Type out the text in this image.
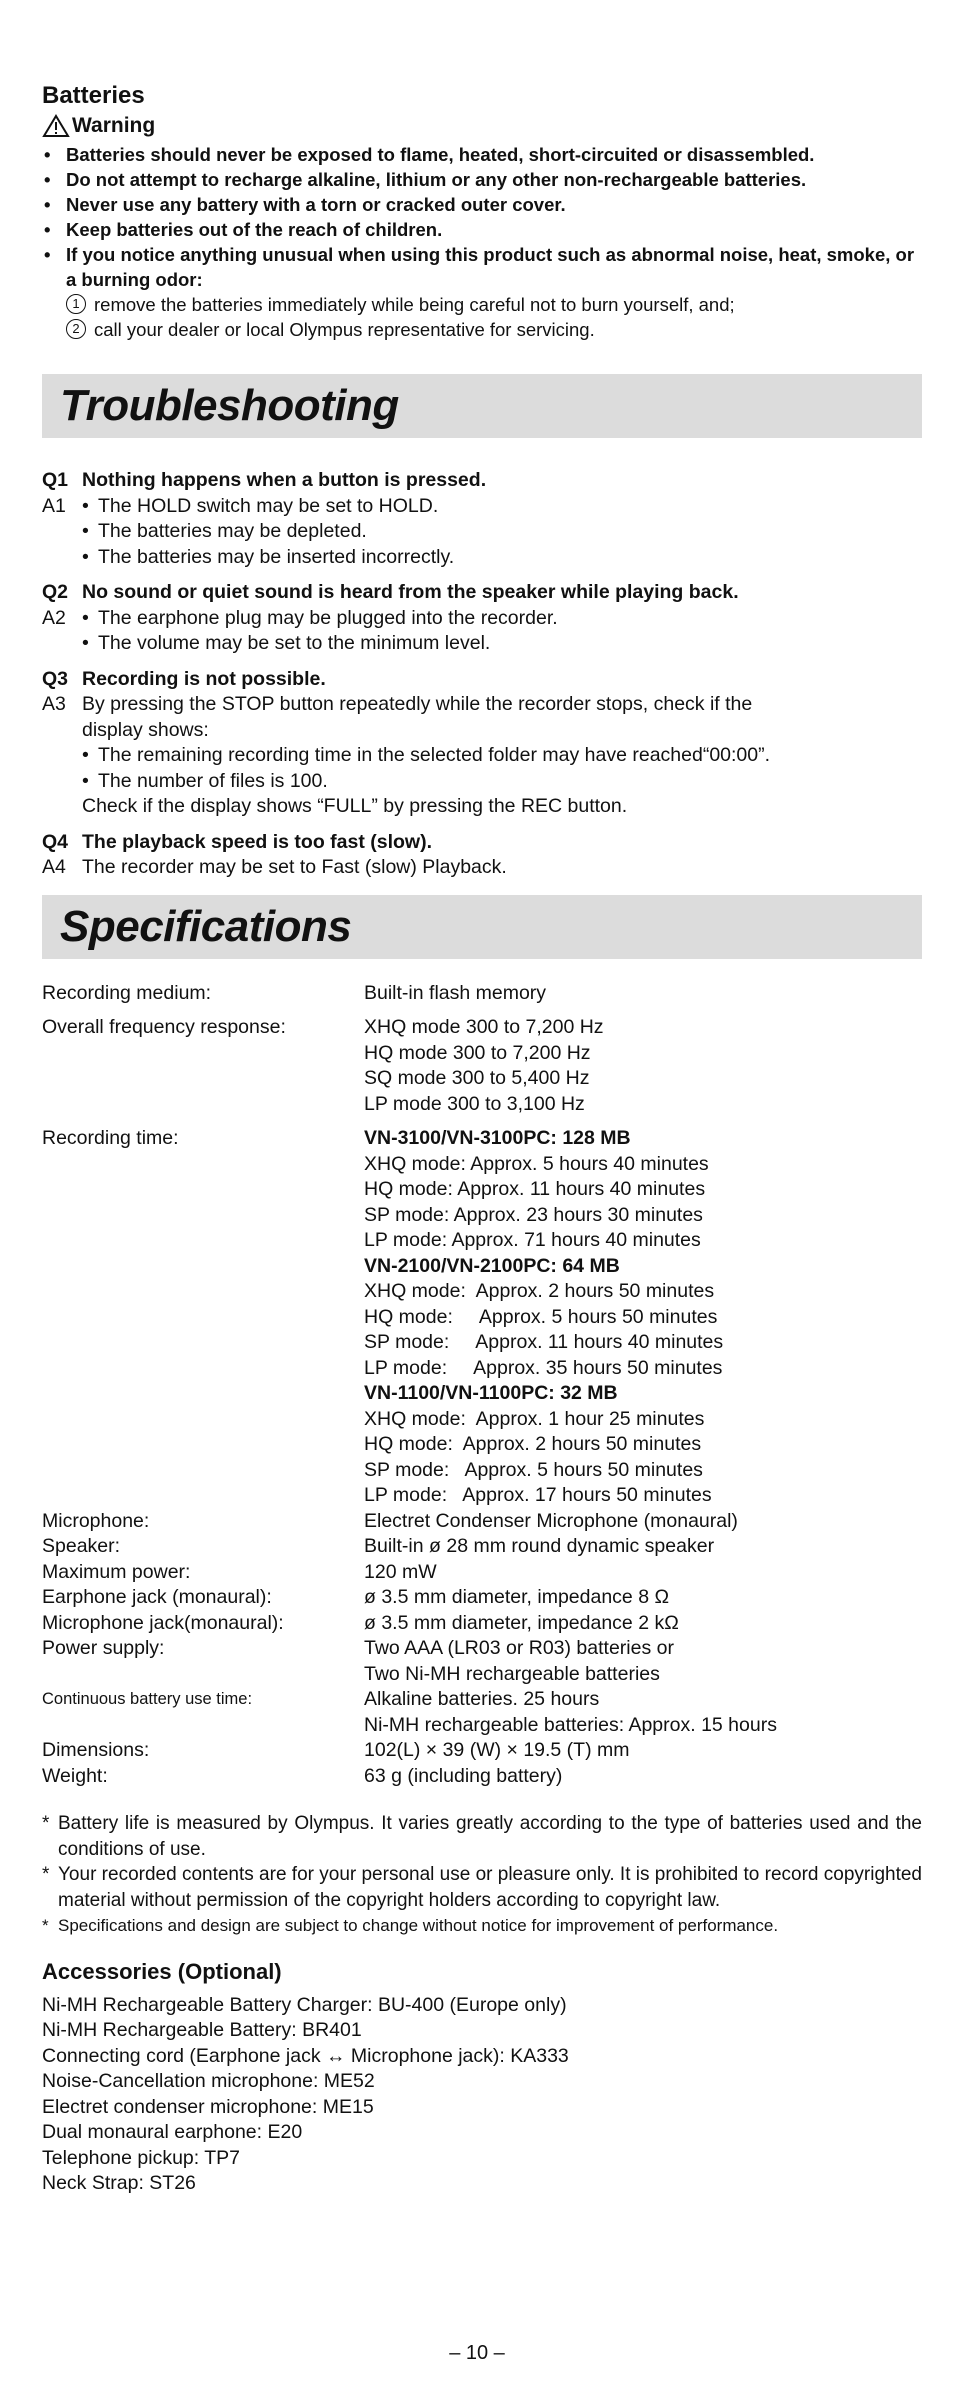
Batteries
Warning
• Batteries should never be exposed to flame, heated, short-circuited or disassembled.
• Do not attempt to recharge alkaline, lithium or any other non-rechargeable batteries.
• Never use any battery with a torn or cracked outer cover.
• Keep batteries out of the reach of children.
• If you notice anything unusual when using this product such as abnormal noise, heat, smoke, or a burning odor:
1 remove the batteries immediately while being careful not to burn yourself, and;
2 call your dealer or local Olympus representative for servicing.
Troubleshooting
Q1 Nothing happens when a button is pressed.
A1	• The HOLD switch may be set to HOLD.
• The batteries may be depleted.
• The batteries may be inserted incorrectly.
Q2 No sound or quiet sound is heard from the speaker while playing back.
A2	• The earphone plug may be plugged into the recorder.
• The volume may be set to the minimum level.
Q3 Recording is not possible.
A3 By pressing the STOP button repeatedly while the recorder stops, check if the
display shows:
• The remaining recording time in the selected folder may have reached“00:00”.
• The number of files is 100.
Check if the display shows “FULL” by pressing the REC button.
Q4 The playback speed is too fast (slow).
A4 The recorder may be set to Fast (slow) Playback.
Specifications
Recording medium:	Built-in flash memory
Overall frequency response:	XHQ mode 300 to 7,200 Hz
HQ mode 300 to 7,200 Hz
SQ mode 300 to 5,400 Hz
LP mode 300 to 3,100 Hz
Recording time:	VN-3100/VN-3100PC: 128 MB
XHQ mode: Approx. 5 hours 40 minutes
HQ mode: Approx. 11 hours 40 minutes
SP mode: Approx. 23 hours 30 minutes
LP mode: Approx. 71 hours 40 minutes
VN-2100/VN-2100PC: 64 MB
XHQ mode:  Approx. 2 hours 50 minutes
HQ mode:     Approx. 5 hours 50 minutes
SP mode:     Approx. 11 hours 40 minutes
LP mode:     Approx. 35 hours 50 minutes
VN-1100/VN-1100PC: 32 MB
XHQ mode:  Approx. 1 hour 25 minutes
HQ mode:  Approx. 2 hours 50 minutes
SP mode:   Approx. 5 hours 50 minutes
LP mode:   Approx. 17 hours 50 minutes
Microphone:	Electret Condenser Microphone (monaural)
Speaker:	Built-in ø 28 mm round dynamic speaker
Maximum power:	120 mW
Earphone jack (monaural):	ø 3.5 mm diameter, impedance 8 Ω
Microphone jack(monaural):	ø 3.5 mm diameter, impedance 2 kΩ
Power supply:	Two AAA (LR03 or R03) batteries or
Two Ni-MH rechargeable batteries
Continuous battery use time:	Alkaline batteries. 25 hours
Ni-MH rechargeable batteries: Approx. 15 hours
Dimensions:	102(L) × 39 (W) × 19.5 (T) mm
Weight:	63 g (including battery)
* Battery life is measured by Olympus. It varies greatly according to the type of batteries used and the conditions of use.
* Your recorded contents are for your personal use or pleasure only. It is prohibited to record copyrighted material without permission of the copyright holders according to copyright law.
* Specifications and design are subject to change without notice for improvement of performance.
Accessories (Optional)
Ni-MH Rechargeable Battery Charger: BU-400 (Europe only)
Ni-MH Rechargeable Battery: BR401
Connecting cord (Earphone jack ↔ Microphone jack): KA333
Noise-Cancellation microphone: ME52
Electret condenser microphone: ME15
Dual monaural earphone: E20
Telephone pickup: TP7
Neck Strap: ST26
– 10 –
